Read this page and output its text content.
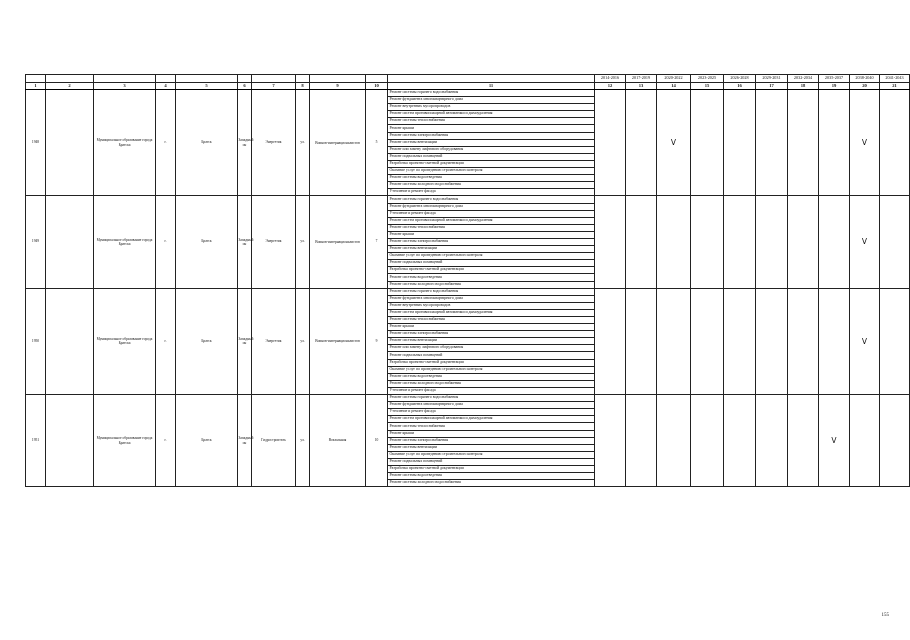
											2014-2016	2017-2019	2020-2022	2023-2025	2026-2028	2029-2031	2032-2034	2035-2037	2038-2040	2041-2043
1	2	3	4	5	6	7	8	9	10	11	12	13	14	15	16	17	18	19	20	21
1948		Муниципальное образование города Братска	г.	Братск	Западный он	Энергетик	ул.	Воинов-интернационалистов	5	Ремонт системы горячего водоснабжения			V						V	
										Ремонт фундамента многоквартирного дома										
										Ремонт внутренних мусоропроводов										
										Ремонт систем противопожарной автоматики и дымоудаления										
										Ремонт системы теплоснабжения										
										Ремонт крыши										
										Ремонт системы электроснабжения										
										Ремонт системы вентиляции										
										Ремонт или замену лифтового оборудования										
										Ремонт подвальных помещений										
										Разработка проектно-сметной документации										
										Оказание услуг по проведению строительного контроля										
										Ремонт системы водоотведения										
										Ремонт системы холодного водоснабжения										
										Утепление и ремонт фасада										
1949		Муниципальное образование города Братска	г.	Братск	Западный он	Энергетик	ул.	Воинов-интернационалистов	7	Ремонт системы горячего водоснабжения									V	
										Ремонт фундамента многоквартирного дома										
										Утепление и ремонт фасада										
										Ремонт систем противопожарной автоматики и дымоудаления										
										Ремонт системы теплоснабжения										
										Ремонт крыши										
										Ремонт системы электроснабжения										
										Ремонт системы вентиляции										
										Оказание услуг по проведению строительного контроля										
										Ремонт подвальных помещений										
										Разработка проектно-сметной документации										
										Ремонт системы водоотведения										
										Ремонт системы холодного водоснабжения										
1950		Муниципальное образование города Братска	г.	Братск	Западный он	Энергетик	ул.	Воинов-интернационалистов	9	Ремонт системы горячего водоснабжения									V	
										Ремонт фундамента многоквартирного дома										
										Ремонт внутренних мусоропроводов										
										Ремонт систем противопожарной автоматики и дымоудаления										
										Ремонт системы теплоснабжения										
										Ремонт крыши										
										Ремонт системы электроснабжения										
										Ремонт системы вентиляции										
										Ремонт или замену лифтового оборудования										
										Ремонт подвальных помещений										
										Разработка проектно-сметной документации										
										Оказание услуг по проведению строительного контроля										
										Ремонт системы водоотведения										
										Ремонт системы холодного водоснабжения										
										Утепление и ремонт фасада										
1951		Муниципальное образование города Братска	г.	Братск	Западный он	Гидростроитель	ул.	Вокзальная	10	Ремонт системы горячего водоснабжения								V		
										Ремонт фундамента многоквартирного дома										
										Утепление и ремонт фасада										
										Ремонт систем противопожарной автоматики и дымоудаления										
										Ремонт системы теплоснабжения										
										Ремонт крыши										
										Ремонт системы электроснабжения										
										Ремонт системы вентиляции										
										Оказание услуг по проведению строительного контроля										
										Ремонт подвальных помещений										
										Разработка проектно-сметной документации										
										Ремонт системы водоотведения										
										Ремонт системы холодного водоснабжения										
155
